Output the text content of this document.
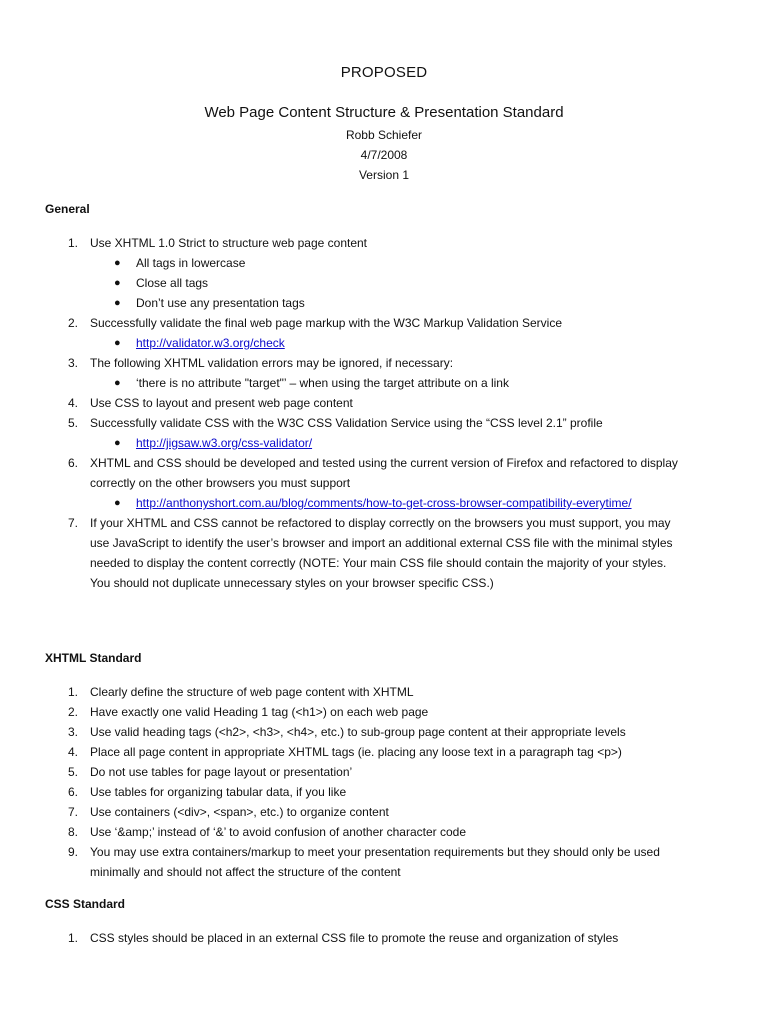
PROPOSED
Web Page Content Structure & Presentation Standard
Robb Schiefer
4/7/2008
Version 1
General
1. Use XHTML 1.0 Strict to structure web page content
● All tags in lowercase
● Close all tags
● Don’t use any presentation tags
2. Successfully validate the final web page markup with the W3C Markup Validation Service
● http://validator.w3.org/check
3. The following XHTML validation errors may be ignored, if necessary:
● ‘there is no attribute "target"’ – when using the target attribute on a link
4. Use CSS to layout and present web page content
5. Successfully validate CSS with the W3C CSS Validation Service using the “CSS level 2.1” profile
● http://jigsaw.w3.org/css-validator/
6. XHTML and CSS should be developed and tested using the current version of Firefox and refactored to display correctly on the other browsers you must support
● http://anthonyshort.com.au/blog/comments/how-to-get-cross-browser-compatibility-everytime/
7. If your XHTML and CSS cannot be refactored to display correctly on the browsers you must support, you may use JavaScript to identify the user’s browser and import an additional external CSS file with the minimal styles needed to display the content correctly (NOTE: Your main CSS file should contain the majority of your styles. You should not duplicate unnecessary styles on your browser specific CSS.)
XHTML Standard
1. Clearly define the structure of web page content with XHTML
2. Have exactly one valid Heading 1 tag (<h1>) on each web page
3. Use valid heading tags (<h2>, <h3>, <h4>, etc.) to sub-group page content at their appropriate levels
4. Place all page content in appropriate XHTML tags (ie. placing any loose text in a paragraph tag <p>)
5. Do not use tables for page layout or presentation’
6. Use tables for organizing tabular data, if you like
7. Use containers (<div>, <span>, etc.) to organize content
8. Use ‘&amp;’ instead of ‘&’ to avoid confusion of another character code
9. You may use extra containers/markup to meet your presentation requirements but they should only be used minimally and should not affect the structure of the content
CSS Standard
1. CSS styles should be placed in an external CSS file to promote the reuse and organization of styles
